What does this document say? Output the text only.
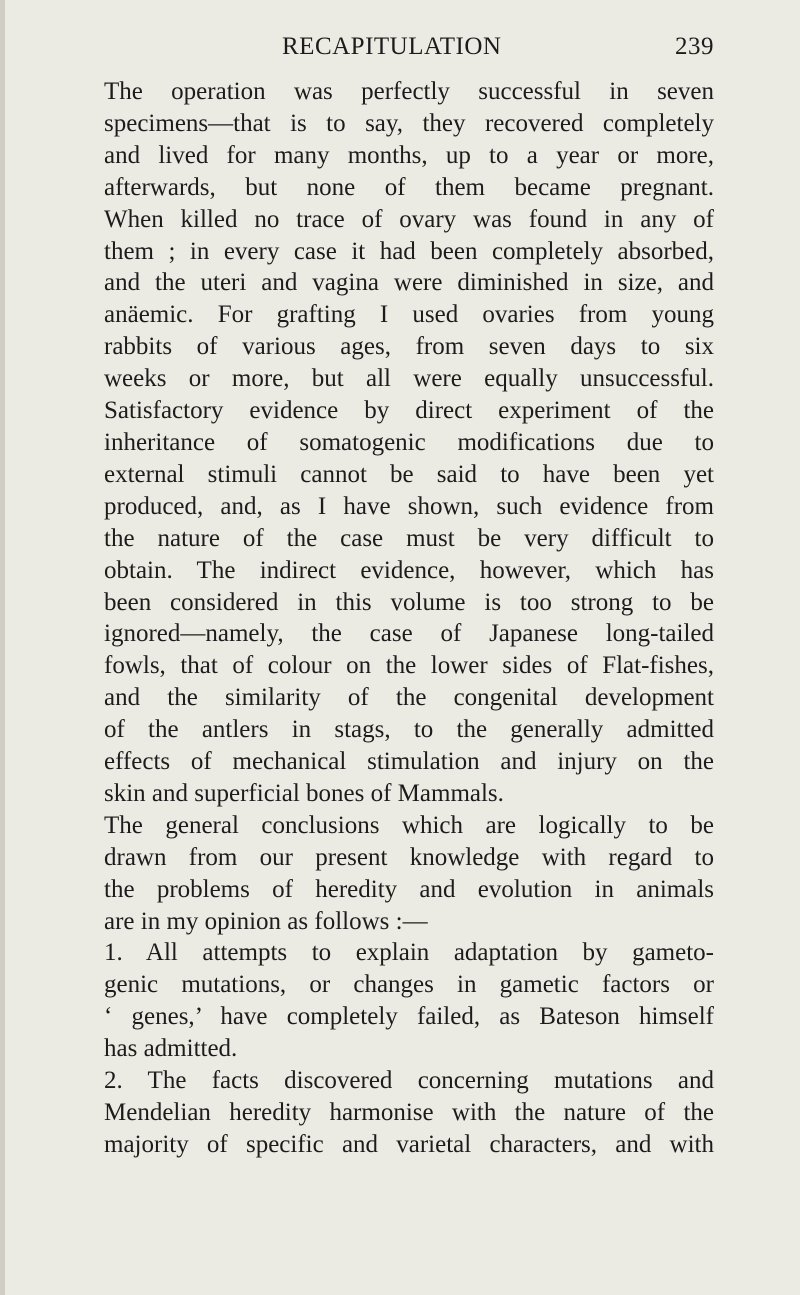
RECAPITULATION	239
The operation was perfectly successful in seven
specimens—that is to say, they recovered completely
and lived for many months, up to a year or more,
afterwards, but none of them became pregnant.
When killed no trace of ovary was found in any of
them ; in every case it had been completely absorbed,
and the uteri and vagina were diminished in size, and
anäemic. For grafting I used ovaries from young
rabbits of various ages, from seven days to six
weeks or more, but all were equally unsuccessful.
Satisfactory evidence by direct experiment of the
inheritance of somatogenic modifications due to
external stimuli cannot be said to have been yet
produced, and, as I have shown, such evidence from
the nature of the case must be very difficult to
obtain. The indirect evidence, however, which has
been considered in this volume is too strong to be
ignored—namely, the case of Japanese long-tailed
fowls, that of colour on the lower sides of Flat-fishes,
and the similarity of the congenital development
of the antlers in stags, to the generally admitted
effects of mechanical stimulation and injury on the
skin and superficial bones of Mammals.
The general conclusions which are logically to be
drawn from our present knowledge with regard to
the problems of heredity and evolution in animals
are in my opinion as follows :—
1. All attempts to explain adaptation by gameto-
genic mutations, or changes in gametic factors or
‘ genes,’ have completely failed, as Bateson himself
has admitted.
2. The facts discovered concerning mutations and
Mendelian heredity harmonise with the nature of the
majority of specific and varietal characters, and with
